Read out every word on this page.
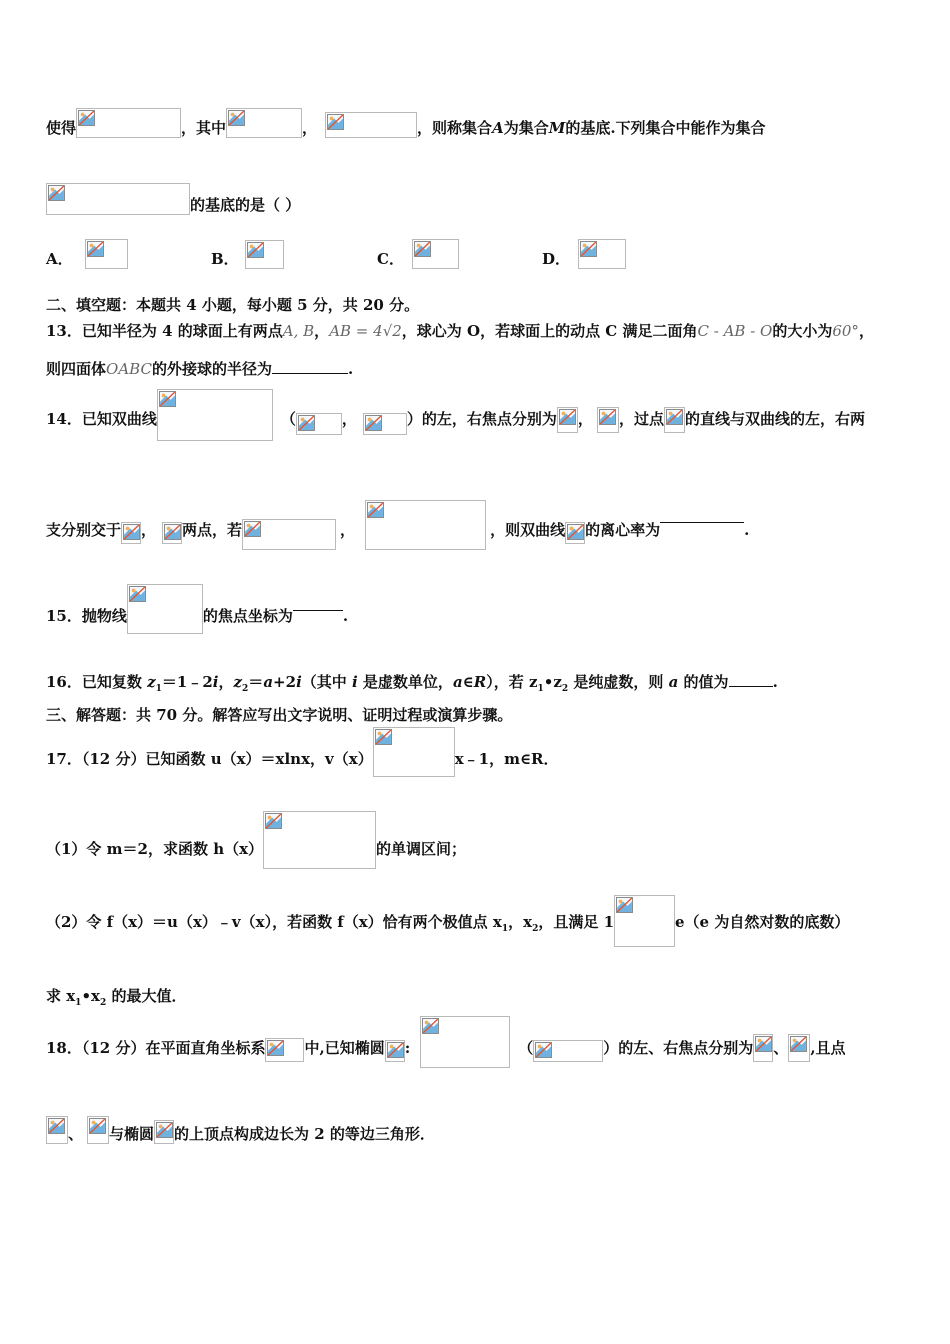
使得	，其中	，	，则称集合A为集合M的基底.下列集合中能作为集合
的基底的是（ ）
A．	B．	C．	D．
二、填空题：本题共 4 小题，每小题 5 分，共 20 分。
13．已知半径为 4 的球面上有两点A, B，AB = 4√2，球心为 O，若球面上的动点 C 满足二面角C - AB - O的大小为60°，
则四面体OABC的外接球的半径为	.
14．已知双曲线	（	，	）的左，右焦点分别为 ， ，过点 的直线与双曲线的左，右两
支分别交于 ， 两点，若	，	，则双曲线 的离心率为	.
15．抛物线	的焦点坐标为	.
16．已知复数 $z_1=1﹣2i$，$z_2=a+2i$（其中 i 是虚数单位，a∈R），若 $z_1•z_2$ 是纯虚数，则 a 的值为	.
三、解答题：共 70 分。解答应写出文字说明、证明过程或演算步骤。
17．（12 分）已知函数 u（x）＝xlnx，v（x）	x﹣1，m∈R．
（1）令 m＝2，求函数 h（x）	的单调区间；
（2）令 f（x）＝u（x）﹣v（x），若函数 f（x）恰有两个极值点 $x_1$，$x_2$，且满足 1	e（e 为自然对数的底数）
求 $x_1•x_2$ 的最大值．
18．（12 分）在平面直角坐标系	中,已知椭圆 :	（	）的左、右焦点分别为 、 ,且点
、 与椭圆 的上顶点构成边长为 2 的等边三角形．
